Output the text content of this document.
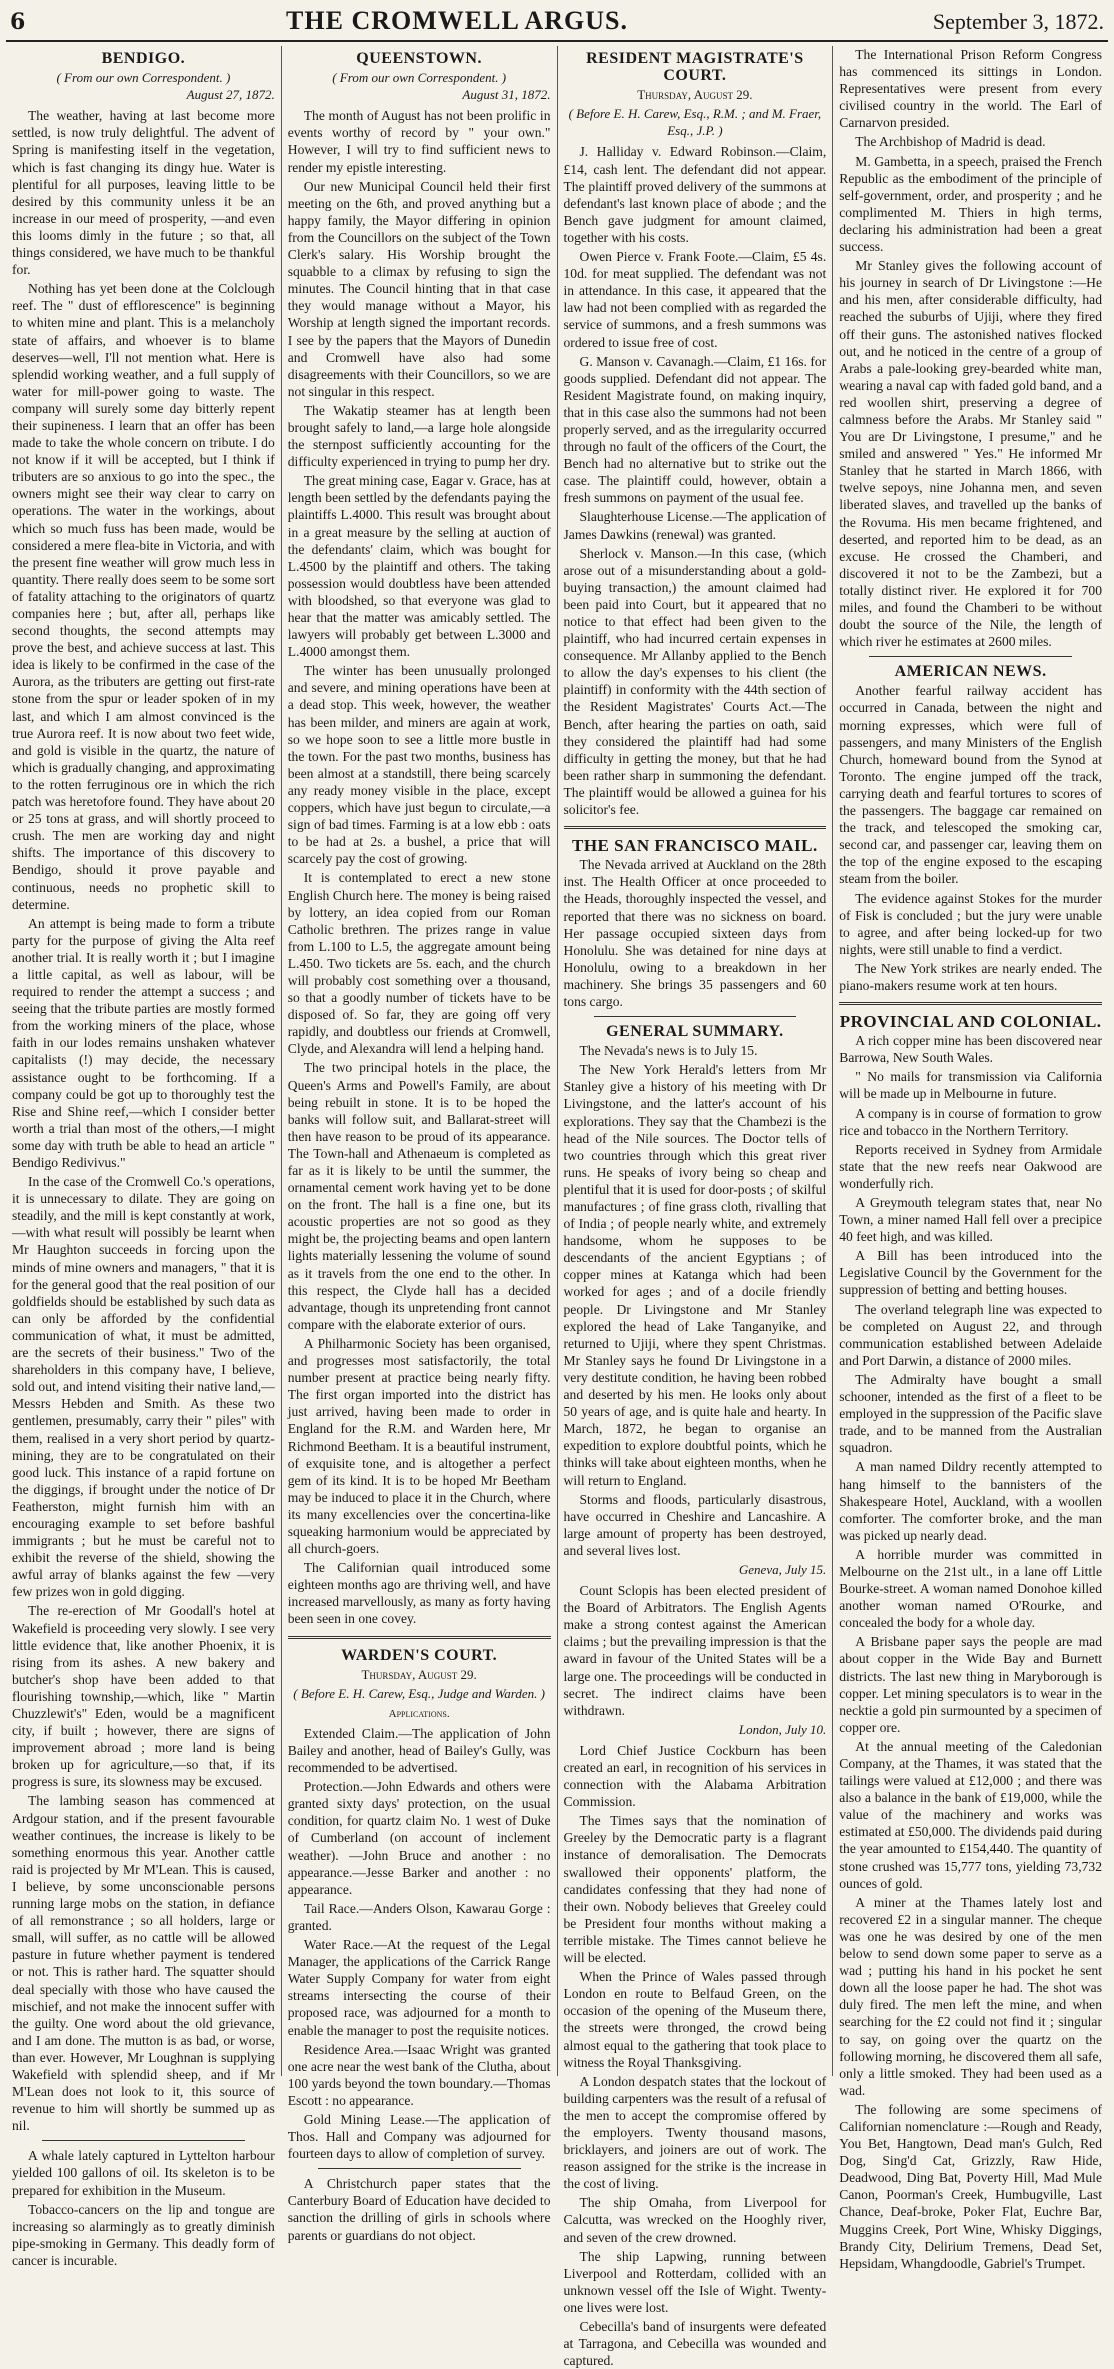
6	THE CROMWELL ARGUS.	September 3, 1872.
BENDIGO.
( From our own Correspondent. )
August 27, 1872.

The weather, having at last become more settled, is now truly delightful. The advent of Spring is manifesting itself in the vegetation, which is fast changing its dingy hue. Water is plentiful for all purposes, leaving little to be desired by this community unless it be an increase in our meed of prosperity, —and even this looms dimly in the future ; so that, all things considered, we have much to be thankful for.

Nothing has yet been done at the Colclough reef. The " dust of efflorescence" is beginning to whiten mine and plant. This is a melancholy state of affairs, and whoever is to blame deserves—well, I'll not mention what. Here is splendid working weather, and a full supply of water for mill-power going to waste. The company will surely some day bitterly repent their supineness. I learn that an offer has been made to take the whole concern on tribute. I do not know if it will be accepted, but I think if tributers are so anxious to go into the spec., the owners might see their way clear to carry on operations. The water in the workings, about which so much fuss has been made, would be considered a mere flea-bite in Victoria, and with the present fine weather will grow much less in quantity. There really does seem to be some sort of fatality attaching to the originators of quartz companies here ; but, after all, perhaps like second thoughts, the second attempts may prove the best, and achieve success at last. This idea is likely to be confirmed in the case of the Aurora, as the tributers are getting out first-rate stone from the spur or leader spoken of in my last, and which I am almost convinced is the true Aurora reef. It is now about two feet wide, and gold is visible in the quartz, the nature of which is gradually changing, and approximating to the rotten ferruginous ore in which the rich patch was heretofore found. They have about 20 or 25 tons at grass, and will shortly proceed to crush. The men are working day and night shifts. The importance of this discovery to Bendigo, should it prove payable and continuous, needs no prophetic skill to determine.

An attempt is being made to form a tribute party for the purpose of giving the Alta reef another trial. It is really worth it ; but I imagine a little capital, as well as labour, will be required to render the attempt a success ; and seeing that the tribute parties are mostly formed from the working miners of the place, whose faith in our lodes remains unshaken whatever capitalists (!) may decide, the necessary assistance ought to be forthcoming. If a company could be got up to thoroughly test the Rise and Shine reef,—which I consider better worth a trial than most of the others,—I might some day with truth be able to head an article " Bendigo Redivivus."

In the case of the Cromwell Co.'s operations, it is unnecessary to dilate. They are going on steadily, and the mill is kept constantly at work,—with what result will possibly be learnt when Mr Haughton succeeds in forcing upon the minds of mine owners and managers, " that it is for the general good that the real position of our goldfields should be established by such data as can only be afforded by the confidential communication of what, it must be admitted, are the secrets of their business." Two of the shareholders in this company have, I believe, sold out, and intend visiting their native land,—Messrs Hebden and Smith. As these two gentlemen, presumably, carry their " piles" with them, realised in a very short period by quartz-mining, they are to be congratulated on their good luck. This instance of a rapid fortune on the diggings, if brought under the notice of Dr Featherston, might furnish him with an encouraging example to set before bashful immigrants ; but he must be careful not to exhibit the reverse of the shield, showing the awful array of blanks against the few —very few prizes won in gold digging.

The re-erection of Mr Goodall's hotel at Wakefield is proceeding very slowly. I see very little evidence that, like another Phoenix, it is rising from its ashes. A new bakery and butcher's shop have been added to that flourishing township,—which, like " Martin Chuzzlewit's" Eden, would be a magnificent city, if built ; however, there are signs of improvement abroad ; more land is being broken up for agriculture,—so that, if its progress is sure, its slowness may be excused.

The lambing season has commenced at Ardgour station, and if the present favourable weather continues, the increase is likely to be something enormous this year. Another cattle raid is projected by Mr M'Lean. This is caused, I believe, by some unconscionable persons running large mobs on the station, in defiance of all remonstrance ; so all holders, large or small, will suffer, as no cattle will be allowed pasture in future whether payment is tendered or not. This is rather hard. The squatter should deal specially with those who have caused the mischief, and not make the innocent suffer with the guilty. One word about the old grievance, and I am done. The mutton is as bad, or worse, than ever. However, Mr Loughnan is supplying Wakefield with splendid sheep, and if Mr M'Lean does not look to it, this source of revenue to him will shortly be summed up as nil.

A whale lately captured in Lyttelton harbour yielded 100 gallons of oil. Its skeleton is to be prepared for exhibition in the Museum.

Tobacco-cancers on the lip and tongue are increasing so alarmingly as to greatly diminish pipe-smoking in Germany. This deadly form of cancer is incurable.

QUEENSTOWN.
( From our own Correspondent. )
August 31, 1872.

The month of August has not been prolific in events worthy of record by " your own." However, I will try to find sufficient news to render my epistle interesting.

Our new Municipal Council held their first meeting on the 6th, and proved anything but a happy family, the Mayor differing in opinion from the Councillors on the subject of the Town Clerk's salary. His Worship brought the squabble to a climax by refusing to sign the minutes. The Council hinting that in that case they would manage without a Mayor, his Worship at length signed the important records. I see by the papers that the Mayors of Dunedin and Cromwell have also had some disagreements with their Councillors, so we are not singular in this respect.

The Wakatip steamer has at length been brought safely to land,—a large hole alongside the sternpost sufficiently accounting for the difficulty experienced in trying to pump her dry.

The great mining case, Eagar v. Grace, has at length been settled by the defendants paying the plaintiffs L.4000. This result was brought about in a great measure by the selling at auction of the defendants' claim, which was bought for L.4500 by the plaintiff and others. The taking possession would doubtless have been attended with bloodshed, so that everyone was glad to hear that the matter was amicably settled. The lawyers will probably get between L.3000 and L.4000 amongst them.

The winter has been unusually prolonged and severe, and mining operations have been at a dead stop. This week, however, the weather has been milder, and miners are again at work, so we hope soon to see a little more bustle in the town. For the past two months, business has been almost at a standstill, there being scarcely any ready money visible in the place, except coppers, which have just begun to circulate,—a sign of bad times. Farming is at a low ebb : oats to be had at 2s. a bushel, a price that will scarcely pay the cost of growing.

It is contemplated to erect a new stone English Church here. The money is being raised by lottery, an idea copied from our Roman Catholic brethren. The prizes range in value from L.100 to L.5, the aggregate amount being L.450. Two tickets are 5s. each, and the church will probably cost something over a thousand, so that a goodly number of tickets have to be disposed of. So far, they are going off very rapidly, and doubtless our friends at Cromwell, Clyde, and Alexandra will lend a helping hand.

The two principal hotels in the place, the Queen's Arms and Powell's Family, are about being rebuilt in stone. It is to be hoped the banks will follow suit, and Ballarat-street will then have reason to be proud of its appearance. The Town-hall and Athenaeum is completed as far as it is likely to be until the summer, the ornamental cement work having yet to be done on the front. The hall is a fine one, but its acoustic properties are not so good as they might be, the projecting beams and open lantern lights materially lessening the volume of sound as it travels from the one end to the other. In this respect, the Clyde hall has a decided advantage, though its unpretending front cannot compare with the elaborate exterior of ours.

A Philharmonic Society has been organised, and progresses most satisfactorily, the total number present at practice being nearly fifty. The first organ imported into the district has just arrived, having been made to order in England for the R.M. and Warden here, Mr Richmond Beetham. It is a beautiful instrument, of exquisite tone, and is altogether a perfect gem of its kind. It is to be hoped Mr Beetham may be induced to place it in the Church, where its many excellencies over the concertina-like squeaking harmonium would be appreciated by all church-goers.

The Californian quail introduced some eighteen months ago are thriving well, and have increased marvellously, as many as forty having been seen in one covey.

WARDEN'S COURT.
Thursday, August 29.
( Before E. H. Carew, Esq., Judge and Warden. )
Applications.

Extended Claim.—The application of John Bailey and another, head of Bailey's Gully, was recommended to be advertised.

Protection.—John Edwards and others were granted sixty days' protection, on the usual condition, for quartz claim No. 1 west of Duke of Cumberland (on account of inclement weather). —John Bruce and another : no appearance.—Jesse Barker and another : no appearance.

Tail Race.—Anders Olson, Kawarau Gorge : granted.

Water Race.—At the request of the Legal Manager, the applications of the Carrick Range Water Supply Company for water from eight streams intersecting the course of their proposed race, was adjourned for a month to enable the manager to post the requisite notices.

Residence Area.—Isaac Wright was granted one acre near the west bank of the Clutha, about 100 yards beyond the town boundary.—Thomas Escott : no appearance.

Gold Mining Lease.—The application of Thos. Hall and Company was adjourned for fourteen days to allow of completion of survey.

A Christchurch paper states that the Canterbury Board of Education have decided to sanction the drilling of girls in schools where parents or guardians do not object.

RESIDENT MAGISTRATE'S COURT.
Thursday, August 29.
( Before E. H. Carew, Esq., R.M. ; and M. Fraer, Esq., J.P. )

J. Halliday v. Edward Robinson.—Claim, £14, cash lent. The defendant did not appear. The plaintiff proved delivery of the summons at defendant's last known place of abode ; and the Bench gave judgment for amount claimed, together with his costs.

Owen Pierce v. Frank Foote.—Claim, £5 4s. 10d. for meat supplied. The defendant was not in attendance. In this case, it appeared that the law had not been complied with as regarded the service of summons, and a fresh summons was ordered to issue free of cost.

G. Manson v. Cavanagh.—Claim, £1 16s. for goods supplied. Defendant did not appear. The Resident Magistrate found, on making inquiry, that in this case also the summons had not been properly served, and as the irregularity occurred through no fault of the officers of the Court, the Bench had no alternative but to strike out the case. The plaintiff could, however, obtain a fresh summons on payment of the usual fee.

Slaughterhouse License.—The application of James Dawkins (renewal) was granted.

Sherlock v. Manson.—In this case, (which arose out of a misunderstanding about a gold-buying transaction,) the amount claimed had been paid into Court, but it appeared that no notice to that effect had been given to the plaintiff, who had incurred certain expenses in consequence. Mr Allanby applied to the Bench to allow the day's expenses to his client (the plaintiff) in conformity with the 44th section of the Resident Magistrates' Courts Act.—The Bench, after hearing the parties on oath, said they considered the plaintiff had had some difficulty in getting the money, but that he had been rather sharp in summoning the defendant. The plaintiff would be allowed a guinea for his solicitor's fee.

THE SAN FRANCISCO MAIL.

The Nevada arrived at Auckland on the 28th inst. The Health Officer at once proceeded to the Heads, thoroughly inspected the vessel, and reported that there was no sickness on board. Her passage occupied sixteen days from Honolulu. She was detained for nine days at Honolulu, owing to a breakdown in her machinery. She brings 35 passengers and 60 tons cargo.

GENERAL SUMMARY.

The Nevada's news is to July 15.

The New York Herald's letters from Mr Stanley give a history of his meeting with Dr Livingstone, and the latter's account of his explorations. They say that the Chambezi is the head of the Nile sources. The Doctor tells of two countries through which this great river runs. He speaks of ivory being so cheap and plentiful that it is used for door-posts ; of skilful manufactures ; of fine grass cloth, rivalling that of India ; of people nearly white, and extremely handsome, whom he supposes to be descendants of the ancient Egyptians ; of copper mines at Katanga which had been worked for ages ; and of a docile friendly people. Dr Livingstone and Mr Stanley explored the head of Lake Tanganyike, and returned to Ujiji, where they spent Christmas. Mr Stanley says he found Dr Livingstone in a very destitute condition, he having been robbed and deserted by his men. He looks only about 50 years of age, and is quite hale and hearty. In March, 1872, he began to organise an expedition to explore doubtful points, which he thinks will take about eighteen months, when he will return to England.

Storms and floods, particularly disastrous, have occurred in Cheshire and Lancashire. A large amount of property has been destroyed, and several lives lost.

Geneva, July 15.

Count Sclopis has been elected president of the Board of Arbitrators. The English Agents make a strong contest against the American claims ; but the prevailing impression is that the award in favour of the United States will be a large one. The proceedings will be conducted in secret. The indirect claims have been withdrawn.

London, July 10.

Lord Chief Justice Cockburn has been created an earl, in recognition of his services in connection with the Alabama Arbitration Commission.

The Times says that the nomination of Greeley by the Democratic party is a flagrant instance of demoralisation. The Democrats swallowed their opponents' platform, the candidates confessing that they had none of their own. Nobody believes that Greeley could be President four months without making a terrible mistake. The Times cannot believe he will be elected.

When the Prince of Wales passed through London en route to Belfaud Green, on the occasion of the opening of the Museum there, the streets were thronged, the crowd being almost equal to the gathering that took place to witness the Royal Thanksgiving.

A London despatch states that the lockout of building carpenters was the result of a refusal of the men to accept the compromise offered by the employers. Twenty thousand masons, bricklayers, and joiners are out of work. The reason assigned for the strike is the increase in the cost of living.

The ship Omaha, from Liverpool for Calcutta, was wrecked on the Hooghly river, and seven of the crew drowned.

The ship Lapwing, running between Liverpool and Rotterdam, collided with an unknown vessel off the Isle of Wight. Twenty-one lives were lost.

Cebecilla's band of insurgents were defeated at Tarragona, and Cebecilla was wounded and captured.

The International Prison Reform Congress has commenced its sittings in London. Representatives were present from every civilised country in the world. The Earl of Carnarvon presided.

The Archbishop of Madrid is dead.

M. Gambetta, in a speech, praised the French Republic as the embodiment of the principle of self-government, order, and prosperity ; and he complimented M. Thiers in high terms, declaring his administration had been a great success.

Mr Stanley gives the following account of his journey in search of Dr Livingstone :—He and his men, after considerable difficulty, had reached the suburbs of Ujiji, where they fired off their guns. The astonished natives flocked out, and he noticed in the centre of a group of Arabs a pale-looking grey-bearded white man, wearing a naval cap with faded gold band, and a red woollen shirt, preserving a degree of calmness before the Arabs. Mr Stanley said " You are Dr Livingstone, I presume," and he smiled and answered " Yes." He informed Mr Stanley that he started in March 1866, with twelve sepoys, nine Johanna men, and seven liberated slaves, and travelled up the banks of the Rovuma. His men became frightened, and deserted, and reported him to be dead, as an excuse. He crossed the Chamberi, and discovered it not to be the Zambezi, but a totally distinct river. He explored it for 700 miles, and found the Chamberi to be without doubt the source of the Nile, the length of which river he estimates at 2600 miles.

AMERICAN NEWS.

Another fearful railway accident has occurred in Canada, between the night and morning expresses, which were full of passengers, and many Ministers of the English Church, homeward bound from the Synod at Toronto. The engine jumped off the track, carrying death and fearful tortures to scores of the passengers. The baggage car remained on the track, and telescoped the smoking car, second car, and passenger car, leaving them on the top of the engine exposed to the escaping steam from the boiler.

The evidence against Stokes for the murder of Fisk is concluded ; but the jury were unable to agree, and after being locked-up for two nights, were still unable to find a verdict.

The New York strikes are nearly ended. The piano-makers resume work at ten hours.

PROVINCIAL AND COLONIAL.

A rich copper mine has been discovered near Barrowa, New South Wales.

" No mails for transmission via California will be made up in Melbourne in future.

A company is in course of formation to grow rice and tobacco in the Northern Territory.

Reports received in Sydney from Armidale state that the new reefs near Oakwood are wonderfully rich.

A Greymouth telegram states that, near No Town, a miner named Hall fell over a precipice 40 feet high, and was killed.

A Bill has been introduced into the Legislative Council by the Government for the suppression of betting and betting houses.

The overland telegraph line was expected to be completed on August 22, and through communication established between Adelaide and Port Darwin, a distance of 2000 miles.

The Admiralty have bought a small schooner, intended as the first of a fleet to be employed in the suppression of the Pacific slave trade, and to be manned from the Australian squadron.

A man named Dildry recently attempted to hang himself to the bannisters of the Shakespeare Hotel, Auckland, with a woollen comforter. The comforter broke, and the man was picked up nearly dead.

A horrible murder was committed in Melbourne on the 21st ult., in a lane off Little Bourke-street. A woman named Donohoe killed another woman named O'Rourke, and concealed the body for a whole day.

A Brisbane paper says the people are mad about copper in the Wide Bay and Burnett districts. The last new thing in Maryborough is copper. Let mining speculators is to wear in the necktie a gold pin surmounted by a specimen of copper ore.

At the annual meeting of the Caledonian Company, at the Thames, it was stated that the tailings were valued at £12,000 ; and there was also a balance in the bank of £19,000, while the value of the machinery and works was estimated at £50,000. The dividends paid during the year amounted to £154,440. The quantity of stone crushed was 15,777 tons, yielding 73,732 ounces of gold.

A miner at the Thames lately lost and recovered £2 in a singular manner. The cheque was one he was desired by one of the men below to send down some paper to serve as a wad ; putting his hand in his pocket he sent down all the loose paper he had. The shot was duly fired. The men left the mine, and when searching for the £2 could not find it ; singular to say, on going over the quartz on the following morning, he discovered them all safe, only a little smoked. They had been used as a wad.

The following are some specimens of Californian nomenclature :—Rough and Ready, You Bet, Hangtown, Dead man's Gulch, Red Dog, Sing'd Cat, Grizzly, Raw Hide, Deadwood, Ding Bat, Poverty Hill, Mad Mule Canon, Poorman's Creek, Humbugville, Last Chance, Deaf-broke, Poker Flat, Euchre Bar, Muggins Creek, Port Wine, Whisky Diggings, Brandy City, Delirium Tremens, Dead Set, Hepsidam, Whangdoodle, Gabriel's Trumpet.
